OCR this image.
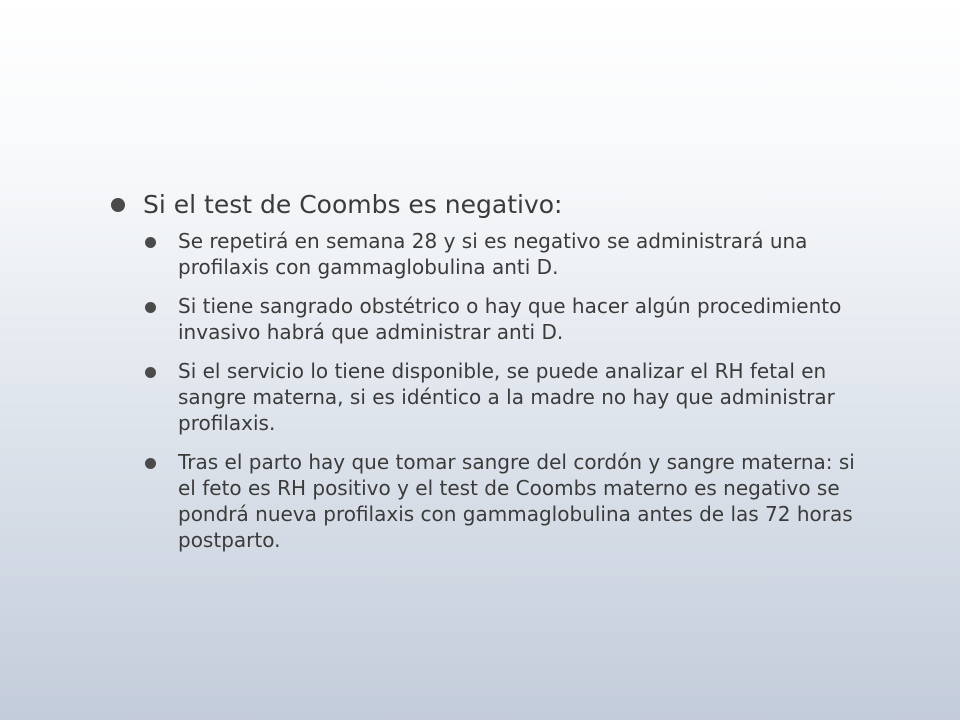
Si el test de Coombs es negativo:
Se repetirá en semana 28 y si es negativo se administrará una profilaxis con gammaglobulina anti D.
Si tiene sangrado obstétrico o hay que hacer algún procedimiento invasivo habrá que administrar anti D.
Si el servicio lo tiene disponible, se puede analizar el RH fetal en sangre materna, si es idéntico a la madre no hay que administrar profilaxis.
Tras el parto hay que tomar sangre del cordón y sangre materna: si el feto es RH positivo y el test de Coombs materno es negativo se pondrá nueva profilaxis con gammaglobulina antes de las 72 horas postparto.
